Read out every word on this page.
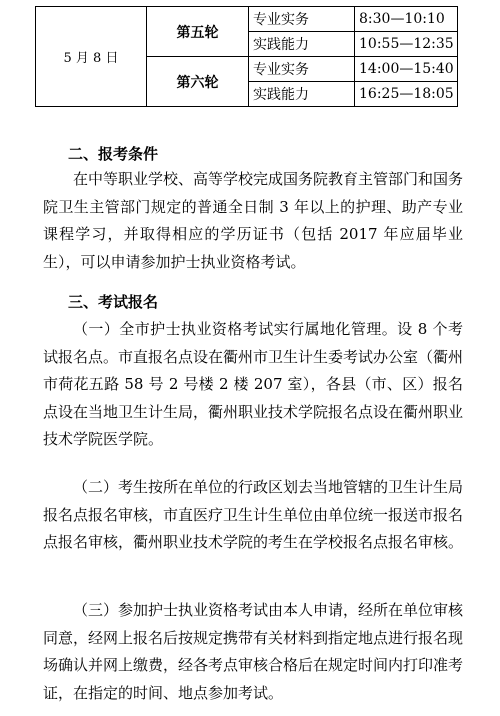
5 月 8 日	第五轮	专业实务	8:30—10:10
		实践能力	10:55—12:35
	第六轮	专业实务	14:00—15:40
		实践能力	16:25—18:05
二、报考条件
在中等职业学校、高等学校完成国务院教育主管部门和国务院卫生主管部门规定的普通全日制 3 年以上的护理、助产专业课程学习，并取得相应的学历证书（包括 2017 年应届毕业生），可以申请参加护士执业资格考试。
三、考试报名
（一）全市护士执业资格考试实行属地化管理。设 8 个考试报名点。市直报名点设在衢州市卫生计生委考试办公室（衢州市荷花五路 58 号 2 号楼 2 楼 207 室），各县（市、区）报名点设在当地卫生计生局，衢州职业技术学院报名点设在衢州职业技术学院医学院。
（二）考生按所在单位的行政区划去当地管辖的卫生计生局报名点报名审核，市直医疗卫生计生单位由单位统一报送市报名点报名审核，衢州职业技术学院的考生在学校报名点报名审核。
（三）参加护士执业资格考试由本人申请，经所在单位审核同意，经网上报名后按规定携带有关材料到指定地点进行报名现场确认并网上缴费，经各考点审核合格后在规定时间内打印准考证，在指定的时间、地点参加考试。
